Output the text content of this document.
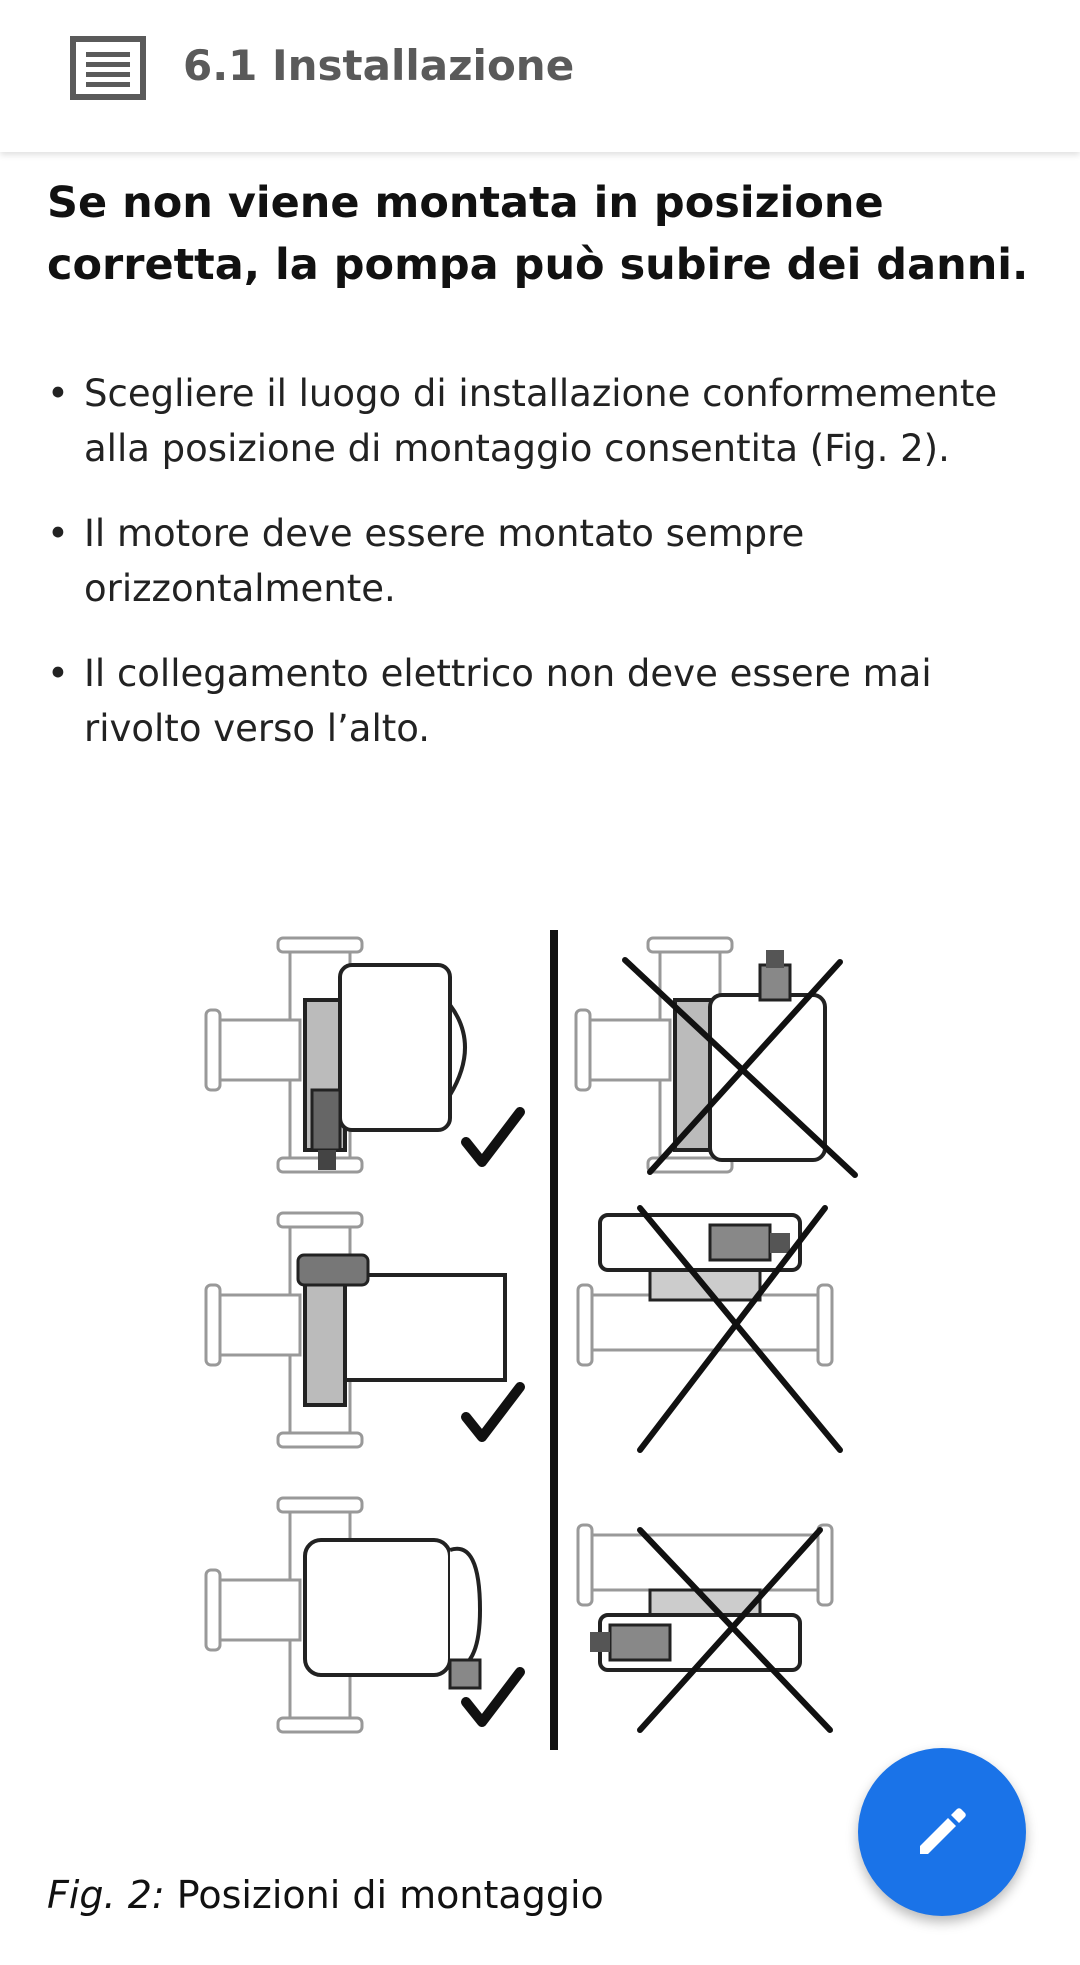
6.1 Installazione

Se non viene montata in posizione corretta, la pompa può subire dei danni.

• Scegliere il luogo di installazione conformemente alla posizione di montaggio consentita (Fig. 2).
• Il motore deve essere montato sempre orizzontalmente.
• Il collegamento elettrico non deve essere mai rivolto verso l’alto.
Fig. 2: Posizioni di montaggio
